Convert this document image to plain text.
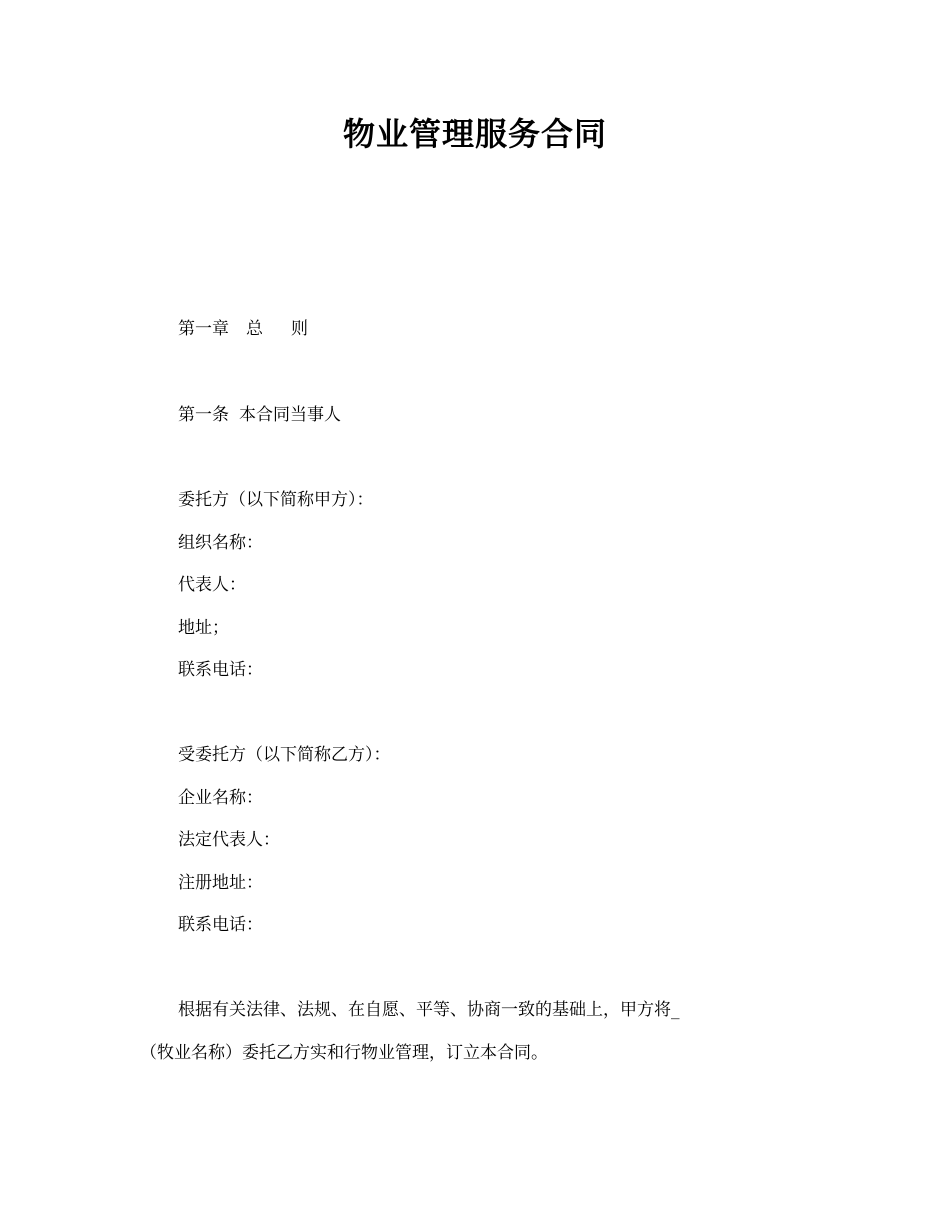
物业管理服务合同
第一章 总 则
第一条 本合同当事人
委托方（以下简称甲方）：
组织名称：
代表人：
地址；
联系电话：
受委托方（以下简称乙方）：
企业名称：
法定代表人：
注册地址：
联系电话：
根据有关法律、法规、在自愿、平等、协商一致的基础上，甲方将_
（牧业名称）委托乙方实和行物业管理，订立本合同。
